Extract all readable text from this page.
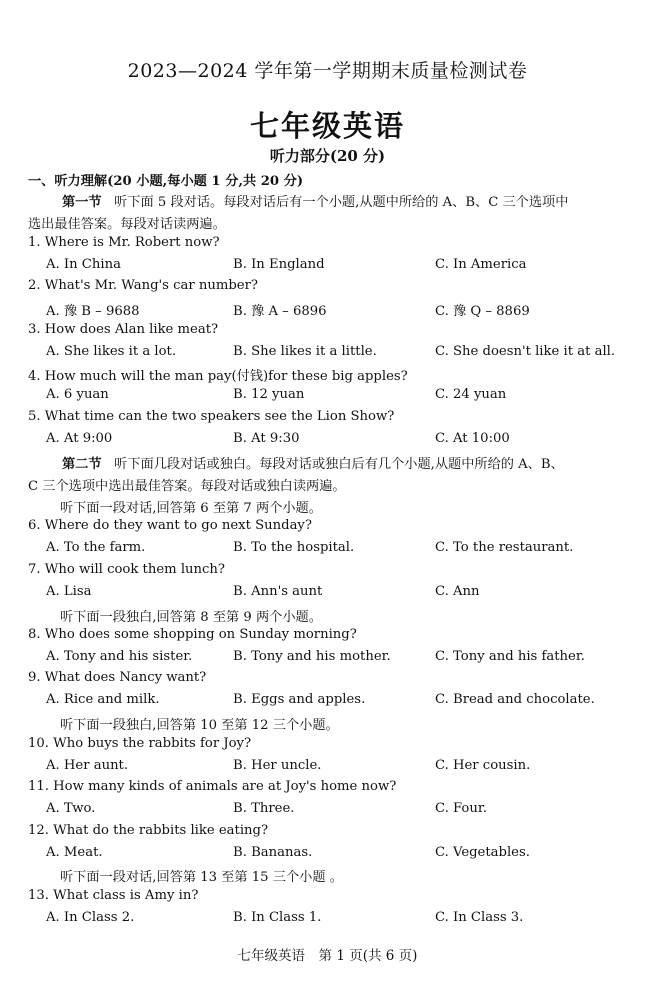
2023—2024 学年第一学期期末质量检测试卷
七年级英语
听力部分(20 分)
一、听力理解(20 小题,每小题 1 分,共 20 分)
第一节 听下面 5 段对话。每段对话后有一个小题,从题中所给的 A、B、C 三个选项中
选出最佳答案。每段对话读两遍。
第二节 听下面几段对话或独白。每段对话或独白后有几个小题,从题中所给的 A、B、
C 三个选项中选出最佳答案。每段对话或独白读两遍。
听下面一段对话,回答第 6 至第 7 两个小题。
听下面一段独白,回答第 8 至第 9 两个小题。
听下面一段独白,回答第 10 至第 12 三个小题。
听下面一段对话,回答第 13 至第 15 三个小题 。
1. Where is Mr. Robert now?
A. In China	B. In England	C. In America
2. What's Mr. Wang's car number?
A. 豫 B – 9688	B. 豫 A – 6896	C. 豫 Q – 8869
3. How does Alan like meat?
A. She likes it a lot.	B. She likes it a little.	C. She doesn't like it at all.
4. How much will the man pay(付钱)for these big apples?
A. 6 yuan	B. 12 yuan	C. 24 yuan
5. What time can the two speakers see the Lion Show?
A. At 9:00	B. At 9:30	C. At 10:00
6. Where do they want to go next Sunday?
A. To the farm.	B. To the hospital.	C. To the restaurant.
7. Who will cook them lunch?
A. Lisa	B. Ann's aunt	C. Ann
8. Who does some shopping on Sunday morning?
A. Tony and his sister.	B. Tony and his mother.	C. Tony and his father.
9. What does Nancy want?
A. Rice and milk.	B. Eggs and apples.	C. Bread and chocolate.
10. Who buys the rabbits for Joy?
A. Her aunt.	B. Her uncle.	C. Her cousin.
11. How many kinds of animals are at Joy's home now?
A. Two.	B. Three.	C. Four.
12. What do the rabbits like eating?
A. Meat.	B. Bananas.	C. Vegetables.
13. What class is Amy in?
A. In Class 2.	B. In Class 1.	C. In Class 3.
七年级英语　第 1 页(共 6 页)
